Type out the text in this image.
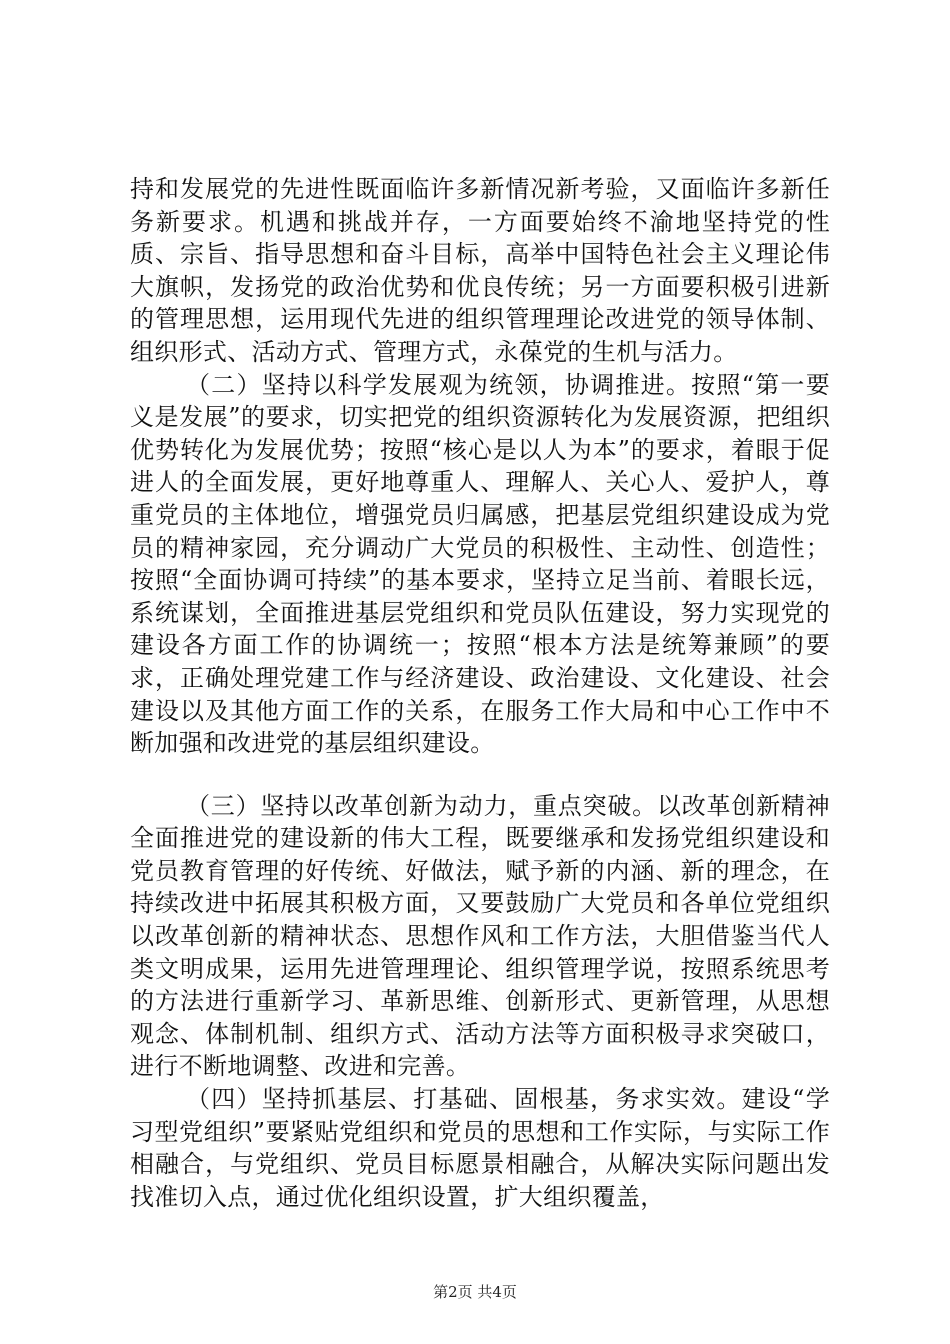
持和发展党的先进性既面临许多新情况新考验，又面临许多新任务新要求。机遇和挑战并存，一方面要始终不渝地坚持党的性质、宗旨、指导思想和奋斗目标，高举中国特色社会主义理论伟大旗帜，发扬党的政治优势和优良传统；另一方面要积极引进新的管理思想，运用现代先进的组织管理理论改进党的领导体制、组织形式、活动方式、管理方式，永葆党的生机与活力。

（二）坚持以科学发展观为统领，协调推进。按照“第一要义是发展”的要求，切实把党的组织资源转化为发展资源，把组织优势转化为发展优势；按照“核心是以人为本”的要求，着眼于促进人的全面发展，更好地尊重人、理解人、关心人、爱护人，尊重党员的主体地位，增强党员归属感，把基层党组织建设成为党员的精神家园，充分调动广大党员的积极性、主动性、创造性；按照“全面协调可持续”的基本要求，坚持立足当前、着眼长远，系统谋划，全面推进基层党组织和党员队伍建设，努力实现党的建设各方面工作的协调统一；按照“根本方法是统筹兼顾”的要求，正确处理党建工作与经济建设、政治建设、文化建设、社会建设以及其他方面工作的关系，在服务工作大局和中心工作中不断加强和改进党的基层组织建设。

（三）坚持以改革创新为动力，重点突破。以改革创新精神全面推进党的建设新的伟大工程，既要继承和发扬党组织建设和党员教育管理的好传统、好做法，赋予新的内涵、新的理念，在持续改进中拓展其积极方面，又要鼓励广大党员和各单位党组织以改革创新的精神状态、思想作风和工作方法，大胆借鉴当代人类文明成果，运用先进管理理论、组织管理学说，按照系统思考的方法进行重新学习、革新思维、创新形式、更新管理，从思想观念、体制机制、组织方式、活动方法等方面积极寻求突破口，进行不断地调整、改进和完善。

（四）坚持抓基层、打基础、固根基，务求实效。建设“学习型党组织”要紧贴党组织和党员的思想和工作实际，与实际工作相融合，与党组织、党员目标愿景相融合，从解决实际问题出发找准切入点，通过优化组织设置，扩大组织覆盖，

第2页 共4页
